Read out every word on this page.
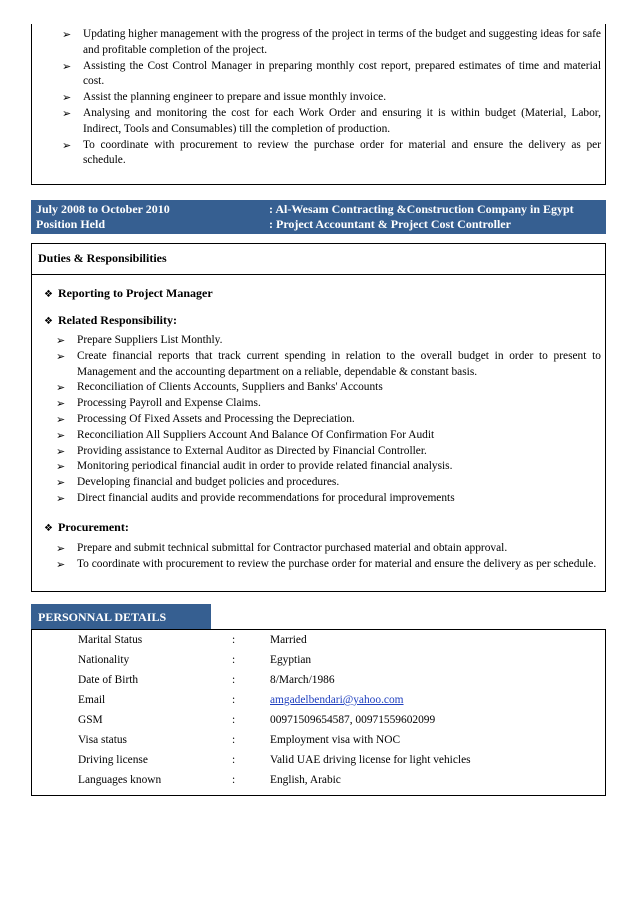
➢ Updating higher management with the progress of the project in terms of the budget and suggesting ideas for safe and profitable completion of the project.
➢ Assisting the Cost Control Manager in preparing monthly cost report, prepared estimates of time and material cost.
➢ Assist the planning engineer to prepare and issue monthly invoice.
➢ Analysing and monitoring the cost for each Work Order and ensuring it is within budget (Material, Labor, Indirect, Tools and Consumables) till the completion of production.
➢ To coordinate with procurement to review the purchase order for material and ensure the delivery as per schedule.
July 2008 to October 2010	: Al-Wesam Contracting &Construction Company in Egypt
Position Held	: Project Accountant & Project Cost Controller
Duties & Responsibilities
❖ Reporting to Project Manager
❖ Related Responsibility:
➢ Prepare Suppliers List Monthly.
➢ Create financial reports that track current spending in relation to the overall budget in order to present to Management and the accounting department on a reliable, dependable & constant basis.
➢ Reconciliation of Clients Accounts, Suppliers and Banks' Accounts
➢ Processing Payroll and Expense Claims.
➢ Processing Of Fixed Assets and Processing the Depreciation.
➢ Reconciliation All Suppliers Account And Balance Of Confirmation For Audit
➢ Providing assistance to External Auditor as Directed by Financial Controller.
➢ Monitoring periodical financial audit in order to provide related financial analysis.
➢ Developing financial and budget policies and procedures.
➢ Direct financial audits and provide recommendations for procedural improvements
❖ Procurement:
➢ Prepare and submit technical submittal for Contractor purchased material and obtain approval.
➢ To coordinate with procurement to review the purchase order for material and ensure the delivery as per schedule.
PERSONNAL DETAILS
Marital Status	:	Married
Nationality	:	Egyptian
Date of Birth	:	8/March/1986
Email	:	amgadelbendari@yahoo.com
GSM	:	00971509654587, 00971559602099
Visa status	:	Employment visa with NOC
Driving license	:	Valid UAE driving license for light vehicles
Languages known	:	English, Arabic
